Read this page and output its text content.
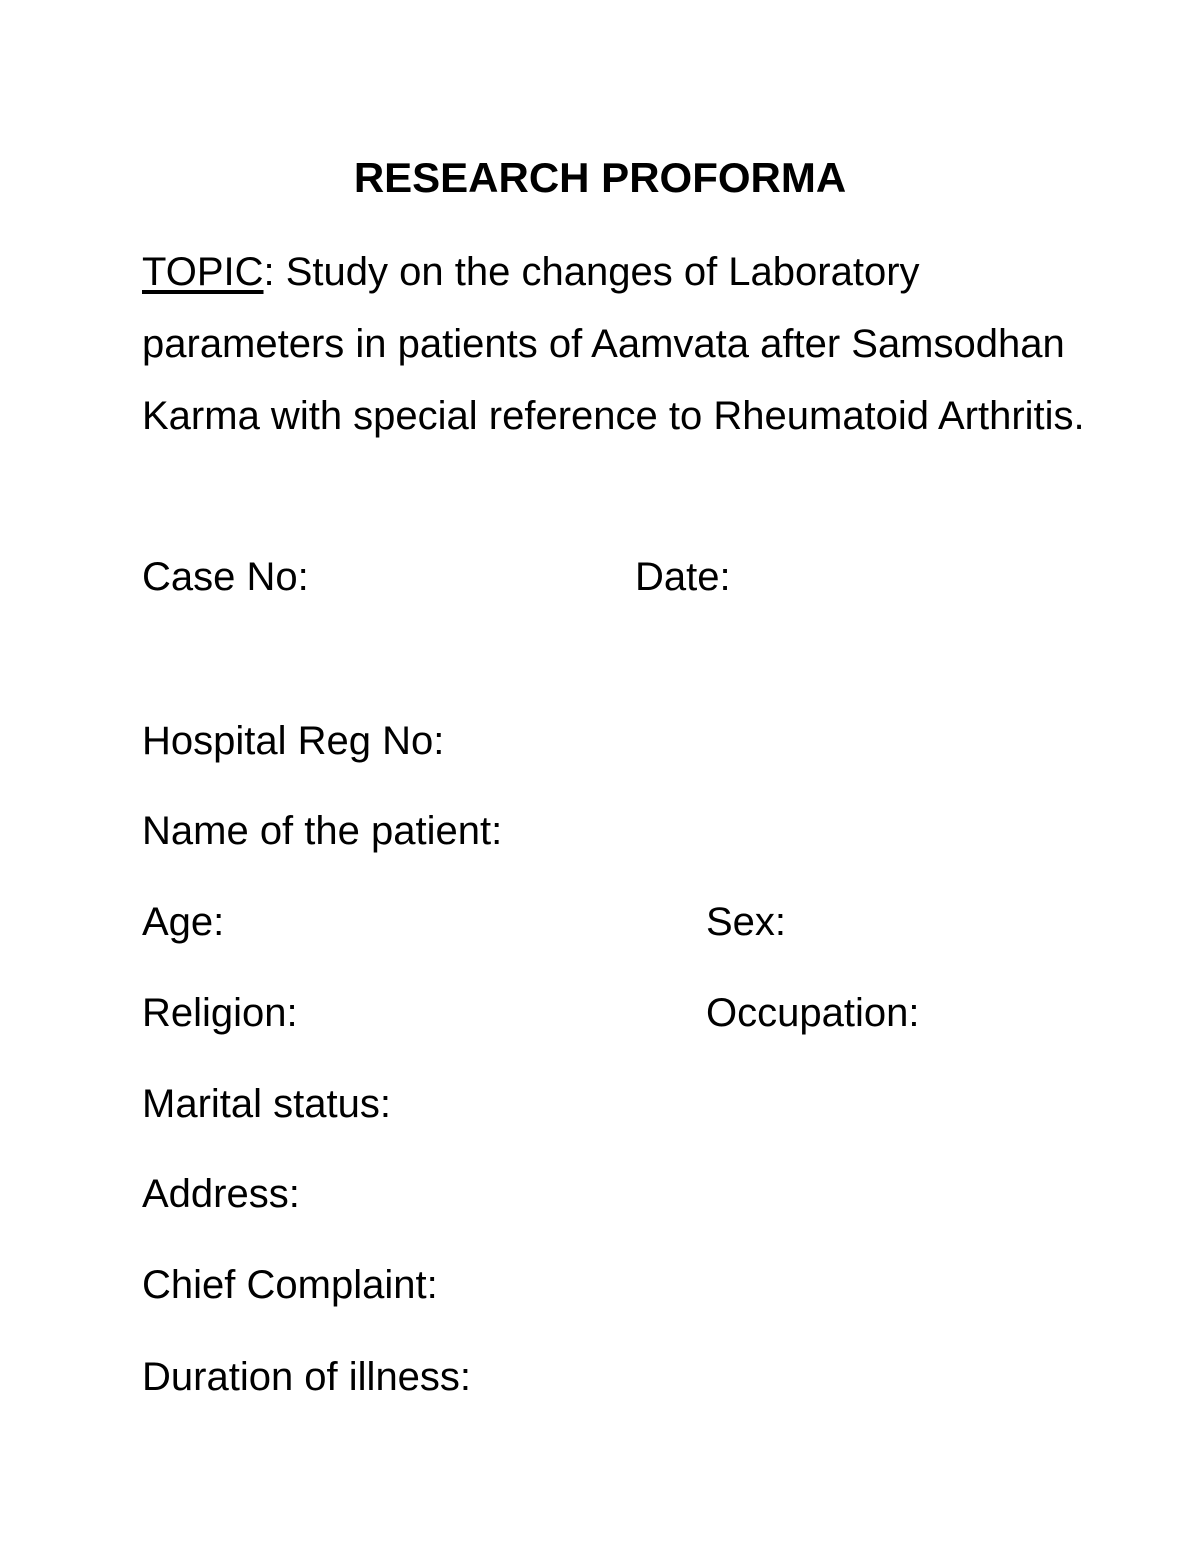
RESEARCH PROFORMA
TOPIC: Study on the changes of Laboratory parameters in patients of Aamvata after Samsodhan Karma with special reference to Rheumatoid Arthritis.
Case No:	Date:
Hospital Reg No:
Name of the patient:
Age:	Sex:
Religion:	Occupation:
Marital status:
Address:
Chief Complaint:
Duration of illness:
